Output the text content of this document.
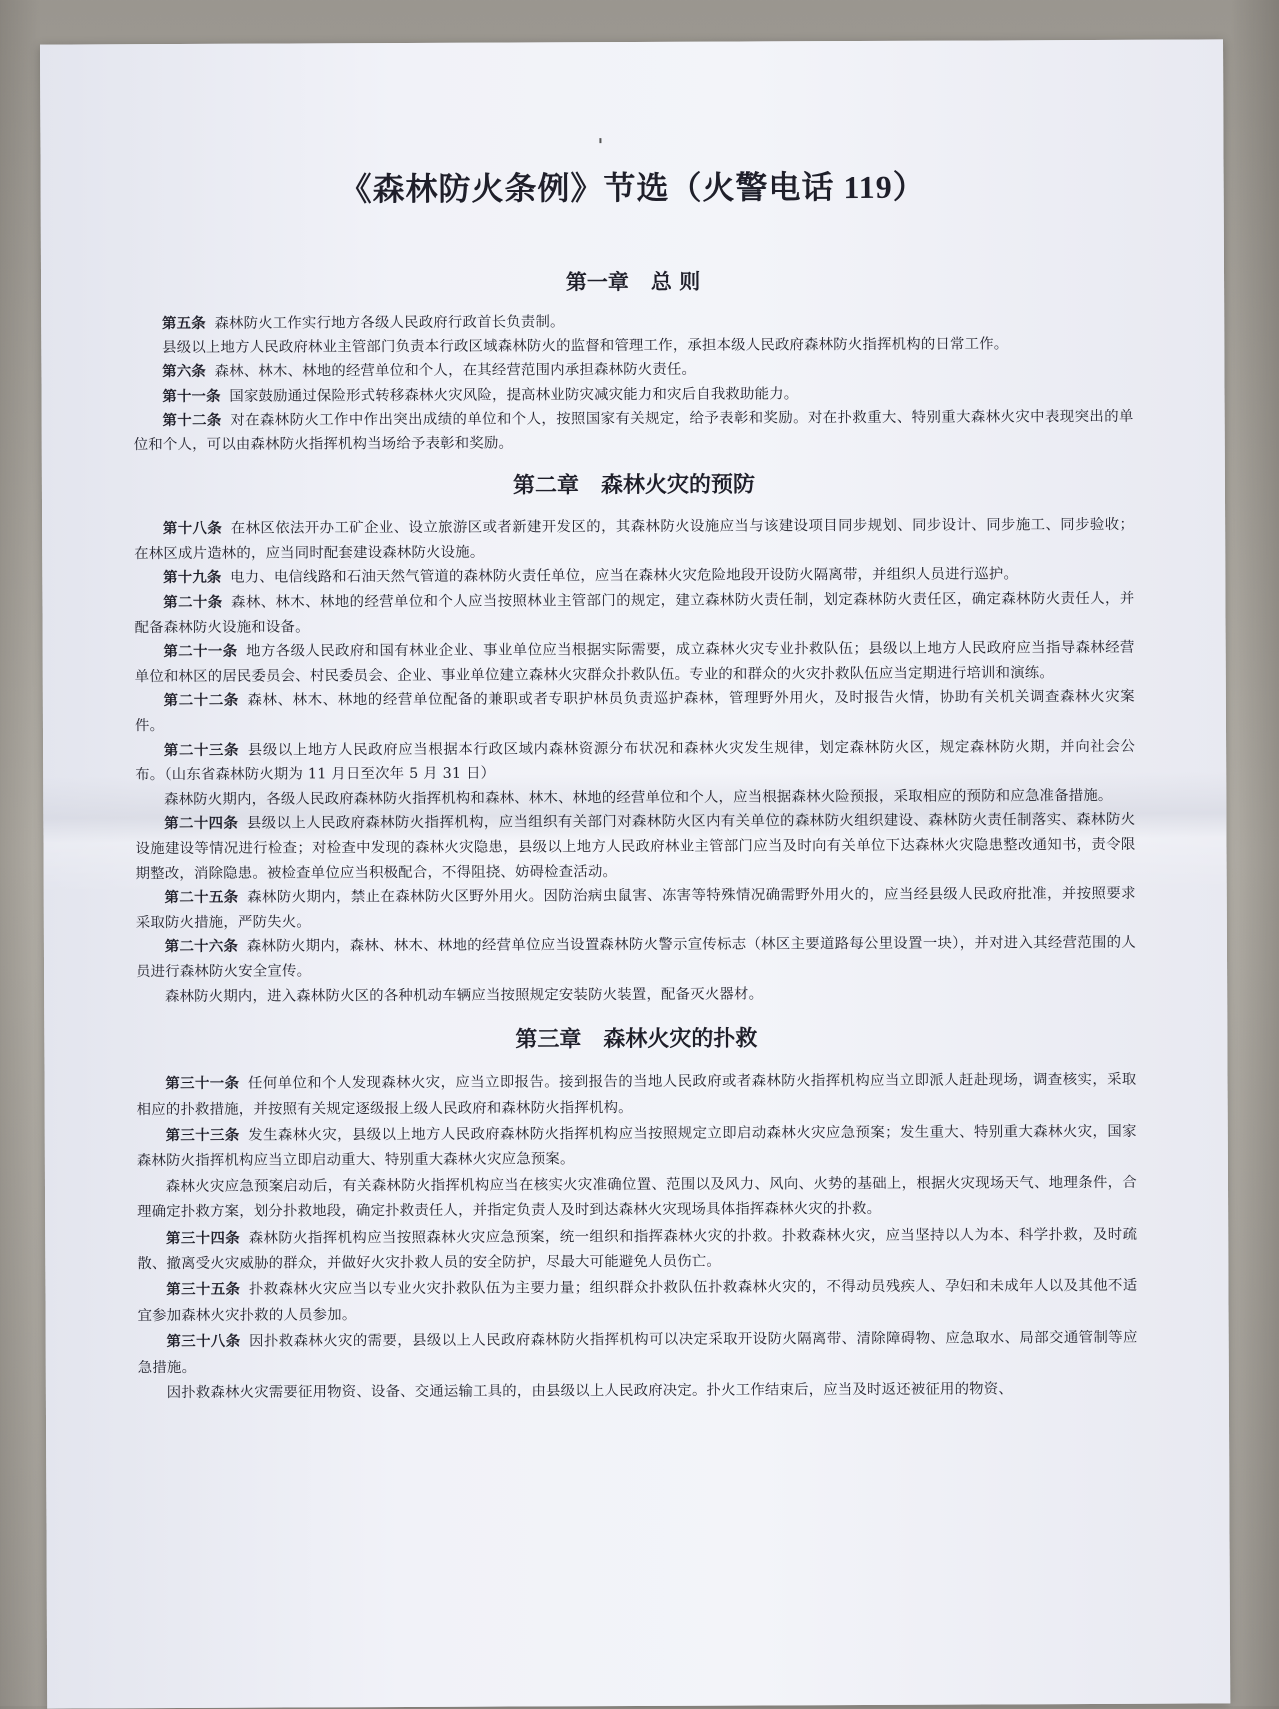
《森林防火条例》节选（火警电话 119）
第一章 总 则

第五条 森林防火工作实行地方各级人民政府行政首长负责制。

县级以上地方人民政府林业主管部门负责本行政区域森林防火的监督和管理工作，承担本级人民政府森林防火指挥机构的日常工作。

第六条 森林、林木、林地的经营单位和个人，在其经营范围内承担森林防火责任。

第十一条 国家鼓励通过保险形式转移森林火灾风险，提高林业防灾减灾能力和灾后自我救助能力。

第十二条 对在森林防火工作中作出突出成绩的单位和个人，按照国家有关规定，给予表彰和奖励。对在扑救重大、特别重大森林火灾中表现突出的单位和个人，可以由森林防火指挥机构当场给予表彰和奖励。

第二章 森林火灾的预防

第十八条 在林区依法开办工矿企业、设立旅游区或者新建开发区的，其森林防火设施应当与该建设项目同步规划、同步设计、同步施工、同步验收；在林区成片造林的，应当同时配套建设森林防火设施。

第十九条 电力、电信线路和石油天然气管道的森林防火责任单位，应当在森林火灾危险地段开设防火隔离带，并组织人员进行巡护。

第二十条 森林、林木、林地的经营单位和个人应当按照林业主管部门的规定，建立森林防火责任制，划定森林防火责任区，确定森林防火责任人，并配备森林防火设施和设备。

第二十一条 地方各级人民政府和国有林业企业、事业单位应当根据实际需要，成立森林火灾专业扑救队伍；县级以上地方人民政府应当指导森林经营单位和林区的居民委员会、村民委员会、企业、事业单位建立森林火灾群众扑救队伍。专业的和群众的火灾扑救队伍应当定期进行培训和演练。

第二十二条 森林、林木、林地的经营单位配备的兼职或者专职护林员负责巡护森林，管理野外用火，及时报告火情，协助有关机关调查森林火灾案件。

第二十三条 县级以上地方人民政府应当根据本行政区域内森林资源分布状况和森林火灾发生规律，划定森林防火区，规定森林防火期，并向社会公布。（山东省森林防火期为 11 月日至次年 5 月 31 日）

森林防火期内，各级人民政府森林防火指挥机构和森林、林木、林地的经营单位和个人，应当根据森林火险预报，采取相应的预防和应急准备措施。

第二十四条 县级以上人民政府森林防火指挥机构，应当组织有关部门对森林防火区内有关单位的森林防火组织建设、森林防火责任制落实、森林防火设施建设等情况进行检查；对检查中发现的森林火灾隐患，县级以上地方人民政府林业主管部门应当及时向有关单位下达森林火灾隐患整改通知书，责令限期整改，消除隐患。被检查单位应当积极配合，不得阻挠、妨碍检查活动。

第二十五条 森林防火期内，禁止在森林防火区野外用火。因防治病虫鼠害、冻害等特殊情况确需野外用火的，应当经县级人民政府批准，并按照要求采取防火措施，严防失火。

第二十六条 森林防火期内，森林、林木、林地的经营单位应当设置森林防火警示宣传标志（林区主要道路每公里设置一块），并对进入其经营范围的人员进行森林防火安全宣传。

森林防火期内，进入森林防火区的各种机动车辆应当按照规定安装防火装置，配备灭火器材。

第三章 森林火灾的扑救

第三十一条 任何单位和个人发现森林火灾，应当立即报告。接到报告的当地人民政府或者森林防火指挥机构应当立即派人赶赴现场，调查核实，采取相应的扑救措施，并按照有关规定逐级报上级人民政府和森林防火指挥机构。

第三十三条 发生森林火灾，县级以上地方人民政府森林防火指挥机构应当按照规定立即启动森林火灾应急预案；发生重大、特别重大森林火灾，国家森林防火指挥机构应当立即启动重大、特别重大森林火灾应急预案。

森林火灾应急预案启动后，有关森林防火指挥机构应当在核实火灾准确位置、范围以及风力、风向、火势的基础上，根据火灾现场天气、地理条件，合理确定扑救方案，划分扑救地段，确定扑救责任人，并指定负责人及时到达森林火灾现场具体指挥森林火灾的扑救。

第三十四条 森林防火指挥机构应当按照森林火灾应急预案，统一组织和指挥森林火灾的扑救。扑救森林火灾，应当坚持以人为本、科学扑救，及时疏散、撤离受火灾威胁的群众，并做好火灾扑救人员的安全防护，尽最大可能避免人员伤亡。

第三十五条 扑救森林火灾应当以专业火灾扑救队伍为主要力量；组织群众扑救队伍扑救森林火灾的，不得动员残疾人、孕妇和未成年人以及其他不适宜参加森林火灾扑救的人员参加。

第三十八条 因扑救森林火灾的需要，县级以上人民政府森林防火指挥机构可以决定采取开设防火隔离带、清除障碍物、应急取水、局部交通管制等应急措施。

因扑救森林火灾需要征用物资、设备、交通运输工具的，由县级以上人民政府决定。扑火工作结束后，应当及时返还被征用的物资、
